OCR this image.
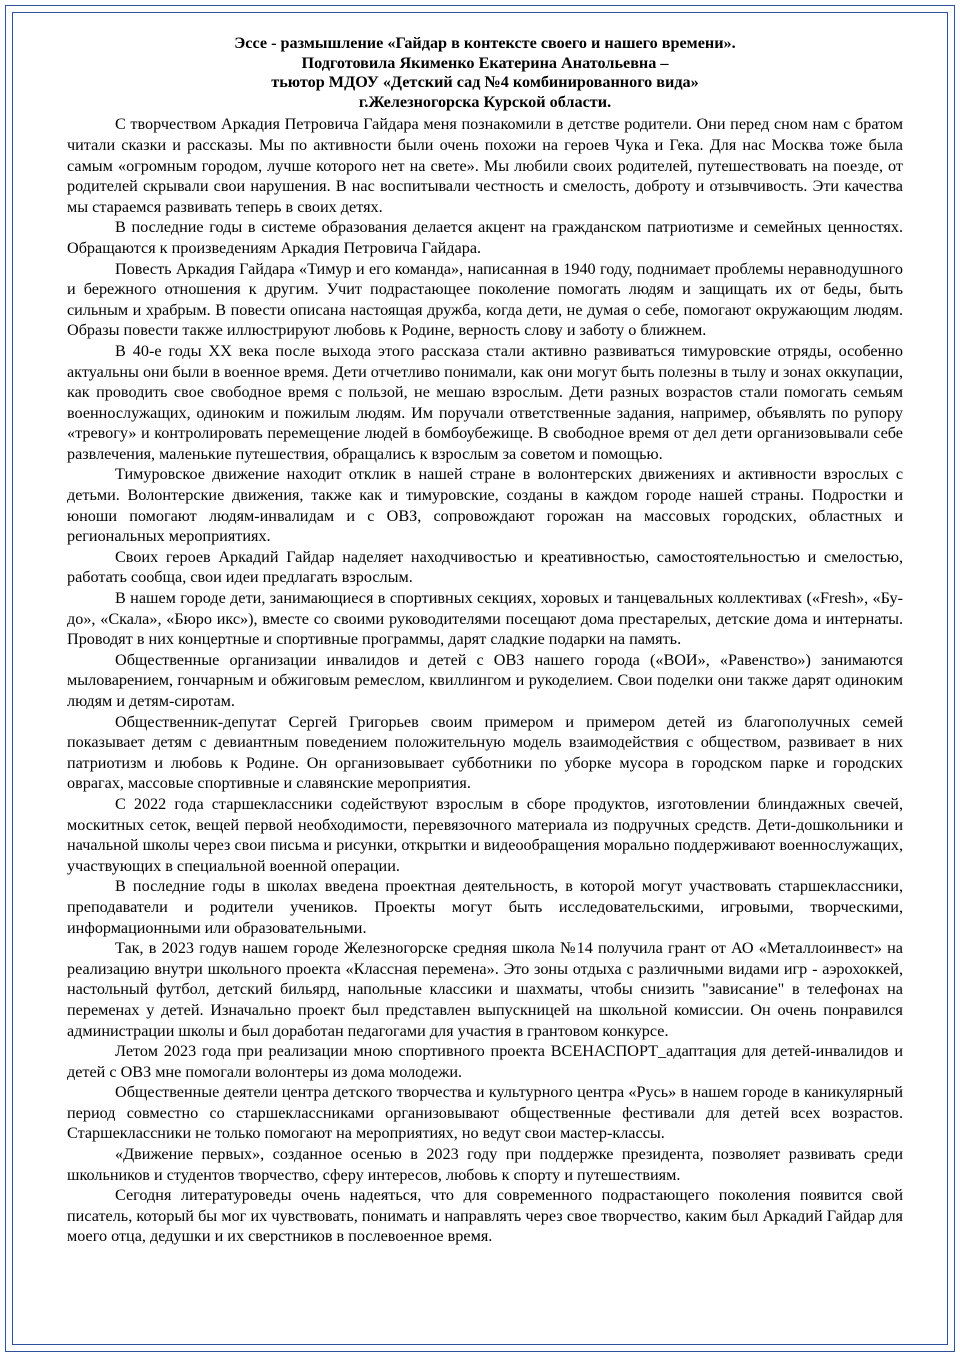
Эссе - размышление «Гайдар в контексте своего и нашего времени».
Подготовила Якименко Екатерина Анатольевна –
тьютор МДОУ «Детский сад №4 комбинированного вида»
г.Железногорска Курской области.

С творчеством Аркадия Петровича Гайдара меня познакомили в детстве родители. Они перед сном нам с братом читали сказки и рассказы. Мы по активности были очень похожи на героев Чука и Гека. Для нас Москва тоже была самым «огромным городом, лучше которого нет на свете». Мы любили своих родителей, путешествовать на поезде, от родителей скрывали свои нарушения. В нас воспитывали честность и смелость, доброту и отзывчивость. Эти качества мы стараемся развивать теперь в своих детях.

В последние годы в системе образования делается акцент на гражданском патриотизме и семейных ценностях. Обращаются к произведениям Аркадия Петровича Гайдара.

Повесть Аркадия Гайдара «Тимур и его команда», написанная в 1940 году, поднимает проблемы неравнодушного и бережного отношения к другим. Учит подрастающее поколение помогать людям и защищать их от беды, быть сильным и храбрым. В повести описана настоящая дружба, когда дети, не думая о себе, помогают окружающим людям. Образы повести также иллюстрируют любовь к Родине, верность слову и заботу о ближнем.

В 40-е годы XX века после выхода этого рассказа стали активно развиваться тимуровские отряды, особенно актуальны они были в военное время. Дети отчетливо понимали, как они могут быть полезны в тылу и зонах оккупации, как проводить свое свободное время с пользой, не мешаю взрослым. Дети разных возрастов стали помогать семьям военнослужащих, одиноким и пожилым людям. Им поручали ответственные задания, например, объявлять по рупору «тревогу» и контролировать перемещение людей в бомбоубежище. В свободное время от дел дети организовывали себе развлечения, маленькие путешествия, обращались к взрослым за советом и помощью.

Тимуровское движение находит отклик в нашей стране в волонтерских движениях и активности взрослых с детьми. Волонтерские движения, также как и тимуровские, созданы в каждом городе нашей страны. Подростки и юноши помогают людям-инвалидам и с ОВЗ, сопровождают горожан на массовых городских, областных и региональных мероприятиях.

Своих героев Аркадий Гайдар наделяет находчивостью и креативностью, самостоятельностью и смелостью, работать сообща, свои идеи предлагать взрослым.

В нашем городе дети, занимающиеся в спортивных секциях, хоровых и танцевальных коллективах («Fresh», «Бу-до», «Скала», «Бюро икс»), вместе со своими руководителями посещают дома престарелых, детские дома и интернаты. Проводят в них концертные и спортивные программы, дарят сладкие подарки на память.

Общественные организации инвалидов и детей с ОВЗ нашего города («ВОИ», «Равенство») занимаются мыловарением, гончарным и обжиговым ремеслом, квиллингом и рукоделием. Свои поделки они также дарят одиноким людям и детям-сиротам.

Общественник-депутат Сергей Григорьев своим примером и примером детей из благополучных семей показывает детям с девиантным поведением положительную модель взаимодействия с обществом, развивает в них патриотизм и любовь к Родине. Он организовывает субботники по уборке мусора в городском парке и городских оврагах, массовые спортивные и славянские мероприятия.

С 2022 года старшеклассники содействуют взрослым в сборе продуктов, изготовлении блиндажных свечей, москитных сеток, вещей первой необходимости, перевязочного материала из подручных средств. Дети-дошкольники и начальной школы через свои письма и рисунки, открытки и видеообращения морально поддерживают военнослужащих, участвующих в специальной военной операции.

В последние годы в школах введена проектная деятельность, в которой могут участвовать старшеклассники, преподаватели и родители учеников. Проекты могут быть исследовательскими, игровыми, творческими, информационными или образовательными.

Так, в 2023 годув нашем городе Железногорске средняя школа №14 получила грант от АО «Металлоинвест» на реализацию внутри школьного проекта «Классная перемена». Это зоны отдыха с различными видами игр - аэрохоккей, настольный футбол, детский бильярд, напольные классики и шахматы, чтобы снизить "зависание" в телефонах на переменах у детей. Изначально проект был представлен выпускницей на школьной комиссии. Он очень понравился администрации школы и был доработан педагогами для участия в грантовом конкурсе.

Летом 2023 года при реализации мною спортивного проекта ВСЕНАСПОРТ_адаптация для детей-инвалидов и детей с ОВЗ мне помогали волонтеры из дома молодежи.

Общественные деятели центра детского творчества и культурного центра «Русь» в нашем городе в каникулярный период совместно со старшеклассниками организовывают общественные фестивали для детей всех возрастов. Старшеклассники не только помогают на мероприятиях, но ведут свои мастер-классы.

«Движение первых», созданное осенью в 2023 году при поддержке президента, позволяет развивать среди школьников и студентов творчество, сферу интересов, любовь к спорту и путешествиям.

Сегодня литературоведы очень надеяться, что для современного подрастающего поколения появится свой писатель, который бы мог их чувствовать, понимать и направлять через свое творчество, каким был Аркадий Гайдар для моего отца, дедушки и их сверстников в послевоенное время.
